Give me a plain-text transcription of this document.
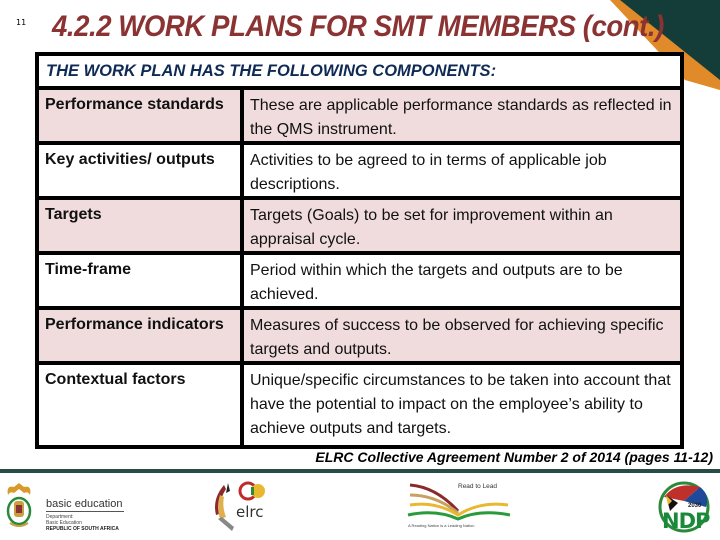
11 4.2.2 WORK PLANS FOR SMT MEMBERS (cont.)
THE WORK PLAN HAS THE FOLLOWING COMPONENTS:
Performance standards	These are applicable performance standards as reflected in the QMS instrument.
Key activities/ outputs	Activities to be agreed to in terms of applicable job descriptions.
Targets	Targets (Goals) to be set for improvement within an appraisal cycle.
Time-frame	Period within which the targets and outputs are to be achieved.
Performance indicators	Measures of success to be observed for achieving specific targets and outputs.
Contextual factors	Unique/specific circumstances to be taken into account that have the potential to impact on the employee’s ability to achieve outputs and targets.
ELRC Collective Agreement Number 2 of 2014 (pages 11-12)
basic education
Department:
Basic Education
REPUBLIC OF SOUTH AFRICA
elrc
Read to Lead
A Reading Nation is a Leading Nation
2030
NDP
